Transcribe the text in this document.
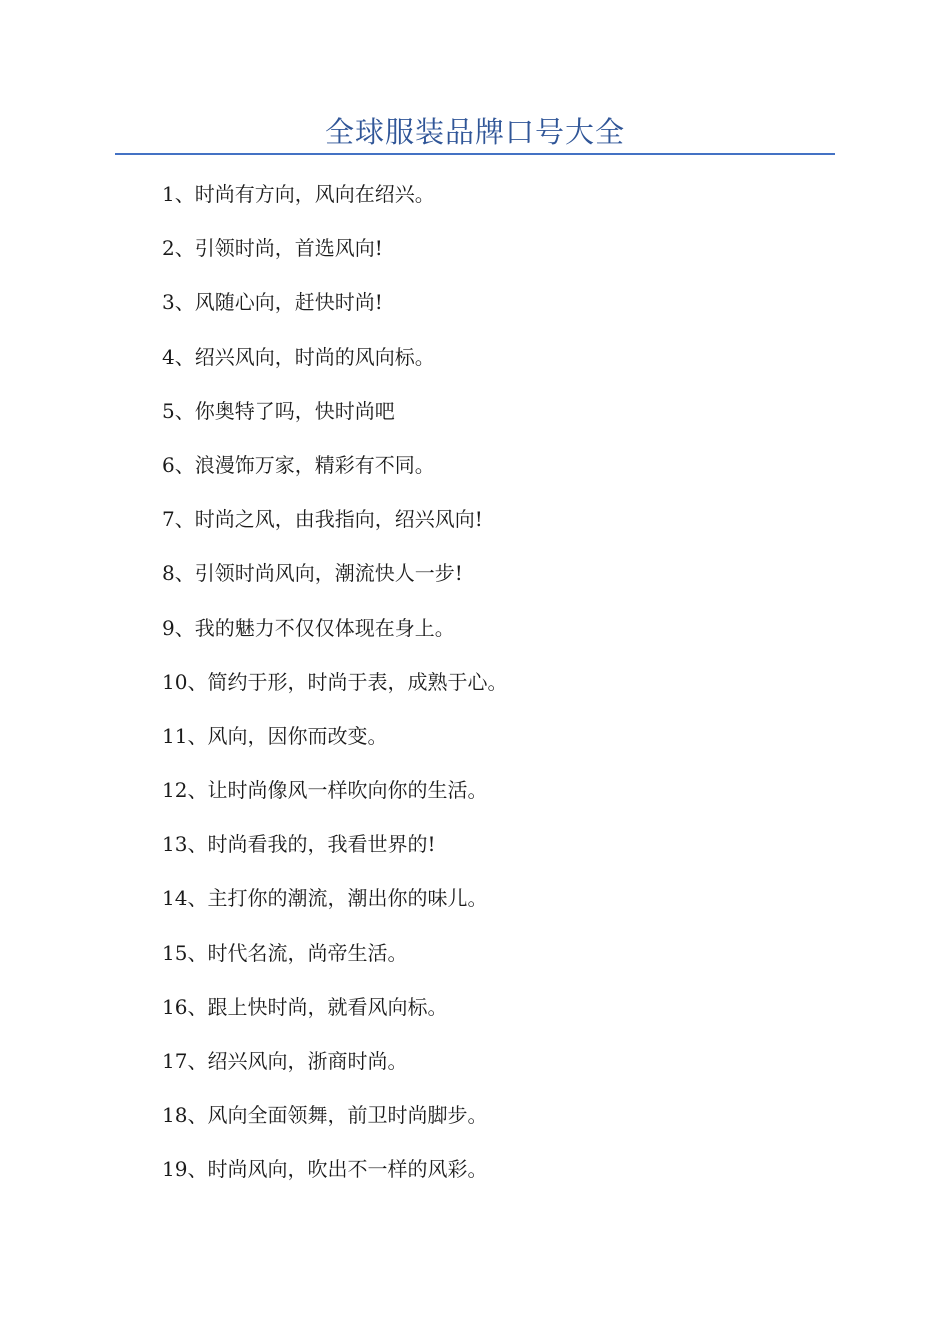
全球服装品牌口号大全
1、时尚有方向，风向在绍兴。
2、引领时尚，首选风向!
3、风随心向，赶快时尚!
4、绍兴风向，时尚的风向标。
5、你奥特了吗，快时尚吧
6、浪漫饰万家，精彩有不同。
7、时尚之风，由我指向，绍兴风向!
8、引领时尚风向，潮流快人一步!
9、我的魅力不仅仅体现在身上。
10、简约于形，时尚于表，成熟于心。
11、风向，因你而改变。
12、让时尚像风一样吹向你的生活。
13、时尚看我的，我看世界的!
14、主打你的潮流，潮出你的味儿。
15、时代名流，尚帝生活。
16、跟上快时尚，就看风向标。
17、绍兴风向，浙商时尚。
18、风向全面领舞，前卫时尚脚步。
19、时尚风向，吹出不一样的风彩。
